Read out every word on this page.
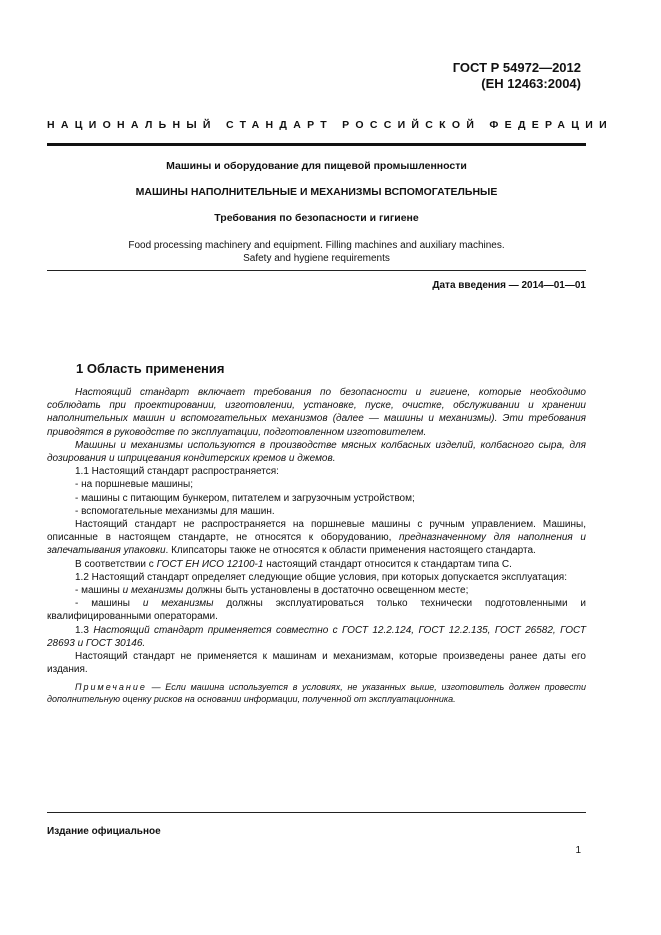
ГОСТ Р 54972—2012
(ЕН 12463:2004)
НАЦИОНАЛЬНЫЙ СТАНДАРТ РОССИЙСКОЙ ФЕДЕРАЦИИ
Машины и оборудование для пищевой промышленности
МАШИНЫ НАПОЛНИТЕЛЬНЫЕ И МЕХАНИЗМЫ ВСПОМОГАТЕЛЬНЫЕ
Требования по безопасности и гигиене
Food processing machinery and equipment. Filling machines and auxiliary machines.
Safety and hygiene requirements
Дата введения — 2014—01—01
1 Область применения

Настоящий стандарт включает требования по безопасности и гигиене, которые необходимо соблюдать при проектировании, изготовлении, установке, пуске, очистке, обслуживании и хранении наполнительных машин и вспомогательных механизмов (далее — машины и механизмы). Эти требования приводятся в руководстве по эксплуатации, подготовленном изготовителем.

Машины и механизмы используются в производстве мясных колбасных изделий, колбасного сыра, для дозирования и шприцевания кондитерских кремов и джемов.

1.1 Настоящий стандарт распространяется:

- на поршневые машины;

- машины с питающим бункером, питателем и загрузочным устройством;

- вспомогательные механизмы для машин.

Настоящий стандарт не распространяется на поршневые машины с ручным управлением. Машины, описанные в настоящем стандарте, не относятся к оборудованию, предназначенному для наполнения и запечатывания упаковки. Клипсаторы также не относятся к области применения настоящего стандарта.

В соответствии с ГОСТ ЕН ИСО 12100-1 настоящий стандарт относится к стандартам типа С.

1.2 Настоящий стандарт определяет следующие общие условия, при которых допускается эксплуатация:

- машины и механизмы должны быть установлены в достаточно освещенном месте;

- машины и механизмы должны эксплуатироваться только технически подготовленными и квалифицированными операторами.

1.3 Настоящий стандарт применяется совместно с ГОСТ 12.2.124, ГОСТ 12.2.135, ГОСТ 26582, ГОСТ 28693 и ГОСТ 30146.

Настоящий стандарт не применяется к машинам и механизмам, которые произведены ранее даты его издания.

Примечание — Если машина используется в условиях, не указанных выше, изготовитель должен провести дополнительную оценку рисков на основании информации, полученной от эксплуатационника.

Издание официальное
1
